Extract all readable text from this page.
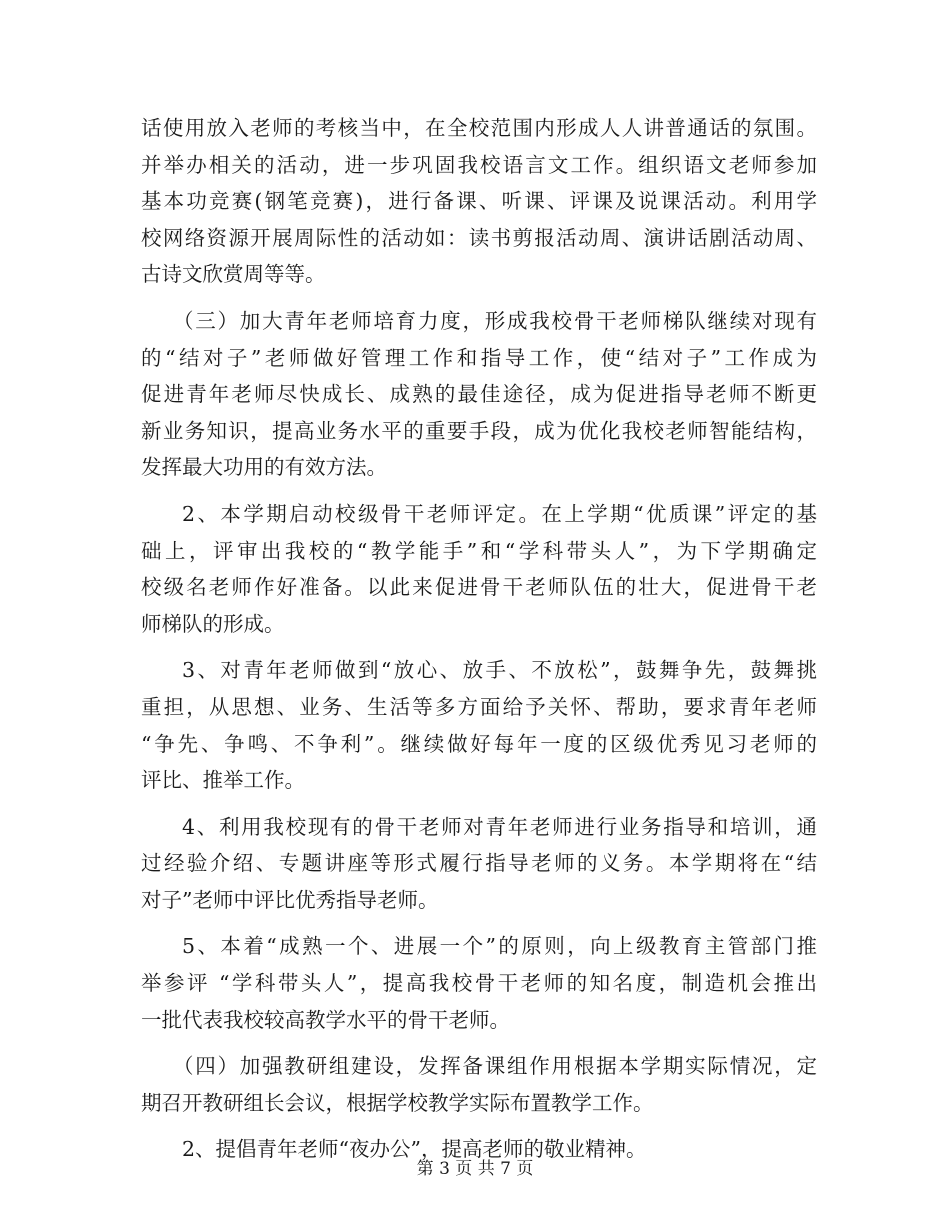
话使用放入老师的考核当中，在全校范围内形成人人讲普通话的氛围。
并举办相关的活动，进一步巩固我校语言文工作。组织语文老师参加
基本功竞赛(钢笔竞赛)，进行备课、听课、评课及说课活动。利用学
校网络资源开展周际性的活动如：读书剪报活动周、演讲话剧活动周、
古诗文欣赏周等等。
（三）加大青年老师培育力度，形成我校骨干老师梯队继续对现有
的“结对子”老师做好管理工作和指导工作，使“结对子”工作成为
促进青年老师尽快成长、成熟的最佳途径，成为促进指导老师不断更
新业务知识，提高业务水平的重要手段，成为优化我校老师智能结构，
发挥最大功用的有效方法。
2、本学期启动校级骨干老师评定。在上学期“优质课”评定的基
础上，评审出我校的“教学能手”和“学科带头人”，为下学期确定
校级名老师作好准备。以此来促进骨干老师队伍的壮大，促进骨干老
师梯队的形成。
3、对青年老师做到“放心、放手、不放松”，鼓舞争先，鼓舞挑
重担，从思想、业务、生活等多方面给予关怀、帮助，要求青年老师
“争先、争鸣、不争利”。继续做好每年一度的区级优秀见习老师的
评比、推举工作。
4、利用我校现有的骨干老师对青年老师进行业务指导和培训，通
过经验介绍、专题讲座等形式履行指导老师的义务。本学期将在“结
对子”老师中评比优秀指导老师。
5、本着“成熟一个、进展一个”的原则，向上级教育主管部门推
举参评 “学科带头人”，提高我校骨干老师的知名度，制造机会推出
一批代表我校较高教学水平的骨干老师。
（四）加强教研组建设，发挥备课组作用根据本学期实际情况，定
期召开教研组长会议，根据学校教学实际布置教学工作。
2、提倡青年老师“夜办公”，提高老师的敬业精神。
第 3 页 共 7 页
